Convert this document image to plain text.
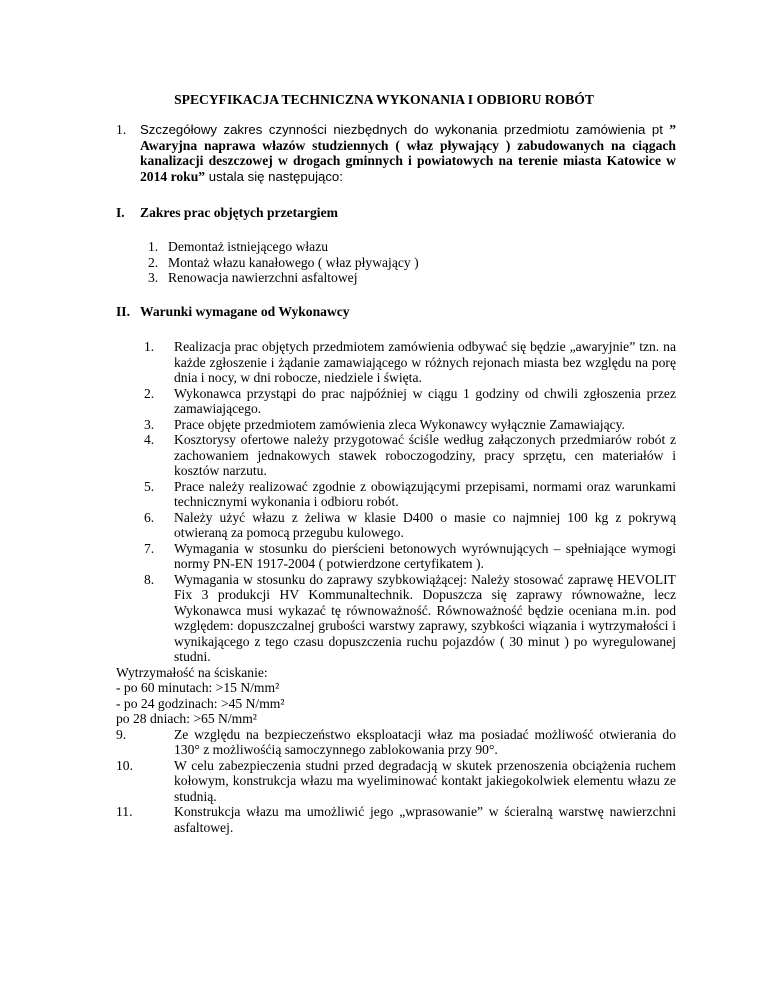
SPECYFIKACJA TECHNICZNA WYKONANIA I ODBIORU ROBÓT
1. Szczegółowy zakres czynności niezbędnych do wykonania przedmiotu zamówienia pt ” Awaryjna naprawa włazów studziennych ( właz pływający ) zabudowanych na ciągach kanalizacji deszczowej w drogach gminnych i powiatowych na terenie miasta Katowice w 2014 roku” ustala się następująco:
I. Zakres prac objętych przetargiem
1. Demontaż istniejącego włazu
2. Montaż włazu kanałowego ( właz pływający )
3. Renowacja nawierzchni asfaltowej
II. Warunki wymagane od Wykonawcy
1. Realizacja prac objętych przedmiotem zamówienia odbywać się będzie „awaryjnie” tzn. na każde zgłoszenie i żądanie zamawiającego w różnych rejonach miasta bez względu na porę dnia i nocy, w dni robocze, niedziele i święta.
2. Wykonawca przystąpi do prac najpóźniej w ciągu 1 godziny od chwili zgłoszenia przez zamawiającego.
3. Prace objęte przedmiotem zamówienia zleca Wykonawcy wyłącznie Zamawiający.
4. Kosztorysy ofertowe należy przygotować ściśle według załączonych przedmiarów robót z zachowaniem jednakowych stawek roboczogodziny, pracy sprzętu, cen materiałów i kosztów narzutu.
5. Prace należy realizować zgodnie z obowiązującymi przepisami, normami oraz warunkami technicznymi wykonania i odbioru robót.
6. Należy użyć włazu z żeliwa w klasie D400 o masie co najmniej 100 kg z pokrywą otwieraną za pomocą przegubu kulowego.
7. Wymagania w stosunku do pierścieni betonowych wyrównujących – spełniające wymogi normy PN-EN 1917-2004 ( potwierdzone certyfikatem ).
8. Wymagania w stosunku do zaprawy szybkowiążącej: Należy stosować zaprawę HEVOLIT Fix 3 produkcji HV Kommunaltechnik. Dopuszcza się zaprawy równoważne, lecz Wykonawca musi wykazać tę równoważność. Równoważność będzie oceniana m.in. pod względem: dopuszczalnej grubości warstwy zaprawy, szybkości wiązania i wytrzymałości i wynikającego z tego czasu dopuszczenia ruchu pojazdów ( 30 minut ) po wyregulowanej studni.
Wytrzymałość na ściskanie:
- po 60 minutach: >15 N/mm²
- po 24 godzinach: >45 N/mm²
po 28 dniach: >65 N/mm²
9.	Ze względu na bezpieczeństwo eksploatacji właz ma posiadać możliwość otwierania do 130° z możliwośćią samoczynnego zablokowania przy 90°.
10.	W celu zabezpieczenia studni przed degradacją w skutek przenoszenia obciążenia ruchem kołowym, konstrukcja włazu ma wyeliminować kontakt jakiegokolwiek elementu włazu ze studnią.
11.	Konstrukcja włazu ma umożliwić jego „wprasowanie” w ścieralną warstwę nawierzchni asfaltowej.
